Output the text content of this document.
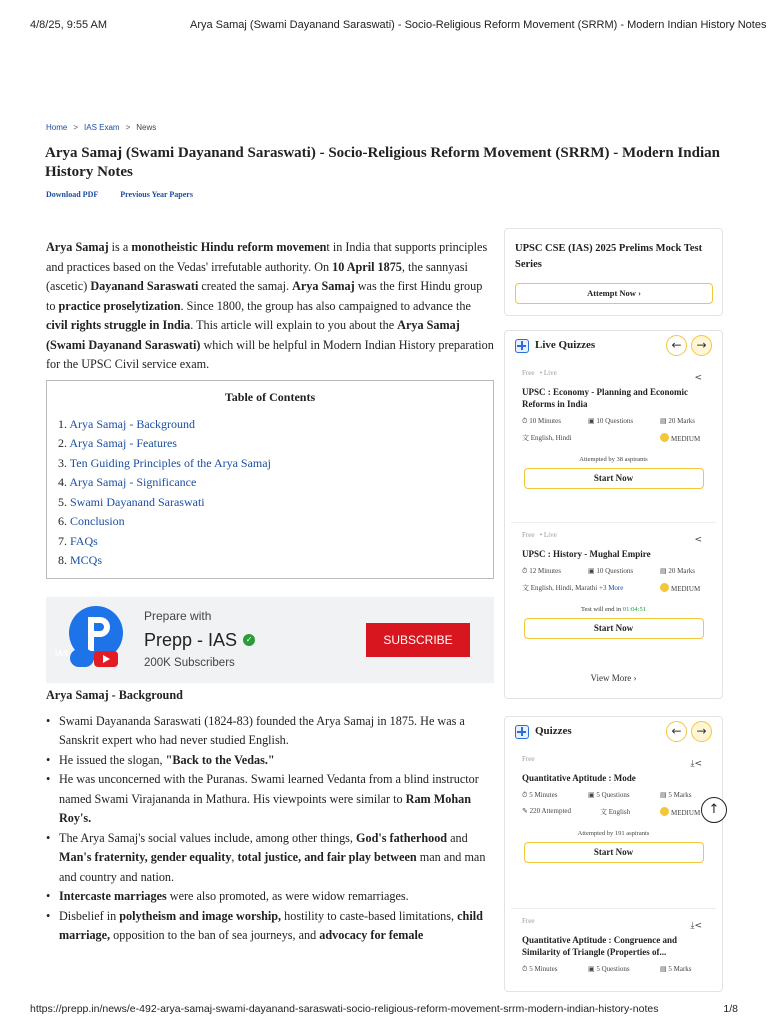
4/8/25, 9:55 AM	Arya Samaj (Swami Dayanand Saraswati) - Socio-Religious Reform Movement (SRRM) - Modern Indian History Notes
Home > IAS Exam > News
Arya Samaj (Swami Dayanand Saraswati) - Socio-Religious Reform Movement (SRRM) - Modern Indian History Notes
Download PDF	Previous Year Papers

Arya Samaj is a monotheistic Hindu reform movement in India that supports principles and practices based on the Vedas' irrefutable authority. On 10 April 1875, the sannyasi (ascetic) Dayanand Saraswati created the samaj. Arya Samaj was the first Hindu group to practice proselytization. Since 1800, the group has also campaigned to advance the civil rights struggle in India. This article will explain to you about the Arya Samaj (Swami Dayanand Saraswati) which will be helpful in Modern Indian History preparation for the UPSC Civil service exam.

Table of Contents
1. Arya Samaj - Background
2. Arya Samaj - Features
3. Ten Guiding Principles of the Arya Samaj
4. Arya Samaj - Significance
5. Swami Dayanand Saraswati
6. Conclusion
7. FAQs
8. MCQs
IAS
Prepare with
Prepp - IAS	✓
200K Subscribers
SUBSCRIBE
Arya Samaj - Background
• Swami Dayananda Saraswati (1824-83) founded the Arya Samaj in 1875. He was a Sanskrit expert who had never studied English.
• He issued the slogan, "Back to the Vedas."
• He was unconcerned with the Puranas. Swami learned Vedanta from a blind instructor named Swami Virajananda in Mathura. His viewpoints were similar to Ram Mohan Roy's.
• The Arya Samaj's social values include, among other things, God's fatherhood and Man's fraternity, gender equality, total justice, and fair play between man and man and country and nation.
• Intercaste marriages were also promoted, as were widow remarriages.
• Disbelief in polytheism and image worship, hostility to caste-based limitations, child marriage, opposition to the ban of sea journeys, and advocacy for female
UPSC CSE (IAS) 2025 Prelims Mock Test Series
Attempt Now ›
Live Quizzes	←	→
Free • Live	<
UPSC : Economy - Planning and Economic Reforms in India
⏱ 10 Minutes	▣ 10 Questions	▤ 20 Marks
文 English, Hindi	MEDIUM
Attempted by 38 aspirants
Start Now
Free • Live	<
UPSC : History - Mughal Empire
⏱ 12 Minutes	▣ 10 Questions	▤ 20 Marks
文 English, Hindi, Marathi +3 More	MEDIUM
Test will end in 01:04:51
Start Now
View More ›
Quizzes	←	→
Free	⤓<
Quantitative Aptitude : Mode
⏱ 5 Minutes	▣ 5 Questions	▤ 5 Marks
✎ 220 Attempted	文 English	MEDIUM
Attempted by 191 aspirants
Start Now
Free	⤓<
Quantitative Aptitude : Congruence and Similarity of Triangle (Properties of...
⏱ 5 Minutes	▣ 5 Questions	▤ 5 Marks
↑
https://prepp.in/news/e-492-arya-samaj-swami-dayanand-saraswati-socio-religious-reform-movement-srrm-modern-indian-history-notes	1/8
